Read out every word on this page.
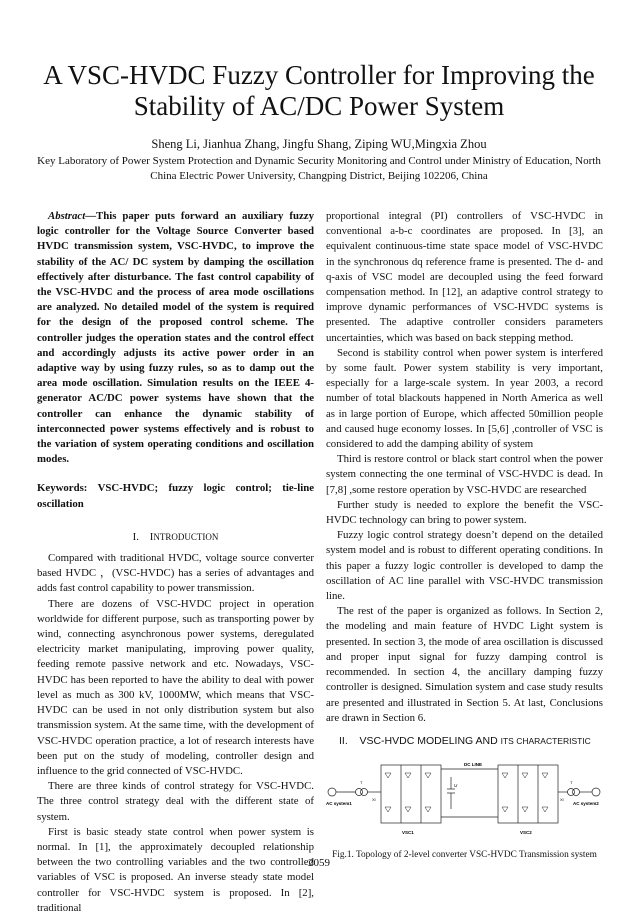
A VSC-HVDC Fuzzy Controller for Improving the Stability of AC/DC Power System
Sheng Li, Jianhua Zhang, Jingfu Shang, Ziping WU,Mingxia Zhou
Key Laboratory of Power System Protection and Dynamic Security Monitoring and Control under Ministry of Education, North China Electric Power University, Changping District, Beijing 102206, China

Abstract—This paper puts forward an auxiliary fuzzy logic controller for the Voltage Source Converter based HVDC transmission system, VSC-HVDC, to improve the stability of the AC/ DC system by damping the oscillation effectively after disturbance. The fast control capability of the VSC-HVDC and the process of area mode oscillations are analyzed. No detailed model of the system is required for the design of the proposed control scheme. The controller judges the operation states and the control effect and accordingly adjusts its active power order in an adaptive way by using fuzzy rules, so as to damp out the area mode oscillation. Simulation results on the IEEE 4-generator AC/DC power systems have shown that the controller can enhance the dynamic stability of interconnected power systems effectively and is robust to the variation of system operating conditions and oscillation modes.

Keywords: VSC-HVDC; fuzzy logic control; tie-line oscillation

I. INTRODUCTION

Compared with traditional HVDC, voltage source converter based HVDC ，(VSC-HVDC) has a series of advantages and adds fast control capability to power transmission.

There are dozens of VSC-HVDC project in operation worldwide for different purpose, such as transporting power by wind, connecting asynchronous power systems, deregulated electricity market manipulating, improving power quality, feeding remote passive network and etc. Nowadays, VSC-HVDC has been reported to have the ability to deal with power level as much as 300 kV, 1000MW, which means that VSC-HVDC can be used in not only distribution system but also transmission system. At the same time, with the development of VSC-HVDC operation practice, a lot of research interests have been put on the study of modeling, controller design and influence to the grid connected of VSC-HVDC.

There are three kinds of control strategy for VSC-HVDC. The three control strategy deal with the different state of system.

First is basic steady state control when power system is normal. In [1], the approximately decoupled relationship between the two controlling variables and the two controlled variables of VSC is proposed. An inverse steady state model controller for VSC-HVDC system is proposed. In [2], traditional

proportional integral (PI) controllers of VSC-HVDC in conventional a-b-c coordinates are proposed. In [3], an equivalent continuous-time state space model of VSC-HVDC in the synchronous dq reference frame is presented. The d- and q-axis of VSC model are decoupled using the feed forward compensation method. In [12], an adaptive control strategy to improve dynamic performances of VSC-HVDC systems is presented. The adaptive controller considers parameters uncertainties, which was based on back stepping method.

Second is stability control when power system is interfered by some fault. Power system stability is very important, especially for a large-scale system. In year 2003, a record number of total blackouts happened in North America as well as in large portion of Europe, which affected 50million people and caused huge economy losses. In [5,6] ,controller of VSC is considered to add the damping ability of system

Third is restore control or black start control when the power system connecting the one terminal of VSC-HVDC is dead. In [7,8] ,some restore operation by VSC-HVDC are researched

Further study is needed to explore the benefit the VSC-HVDC technology can bring to power system.

Fuzzy logic control strategy doesn’t depend on the detailed system model and is robust to different operating conditions. In this paper a fuzzy logic controller is developed to damp the oscillation of AC line parallel with VSC-HVDC transmission line.

The rest of the paper is organized as follows. In Section 2, the modeling and main feature of HVDC Light system is presented. In section 3, the mode of area oscillation is discussed and proper input signal for fuzzy damping control is recommended. In section 4, the ancillary damping fuzzy controller is designed. Simulation system and case study results are presented and illustrated in Section 5. At last, Conclusions are drawn in Section 6.

II. VSC-HVDC MODELING AND ITS CHARACTERISTIC
DC LINE
AC system1	AC system2
VSC1	VSC2
T	T
Xl	Xl
U
Fig.1. Topology of 2-level converter VSC-HVDC Transmission system
2059
